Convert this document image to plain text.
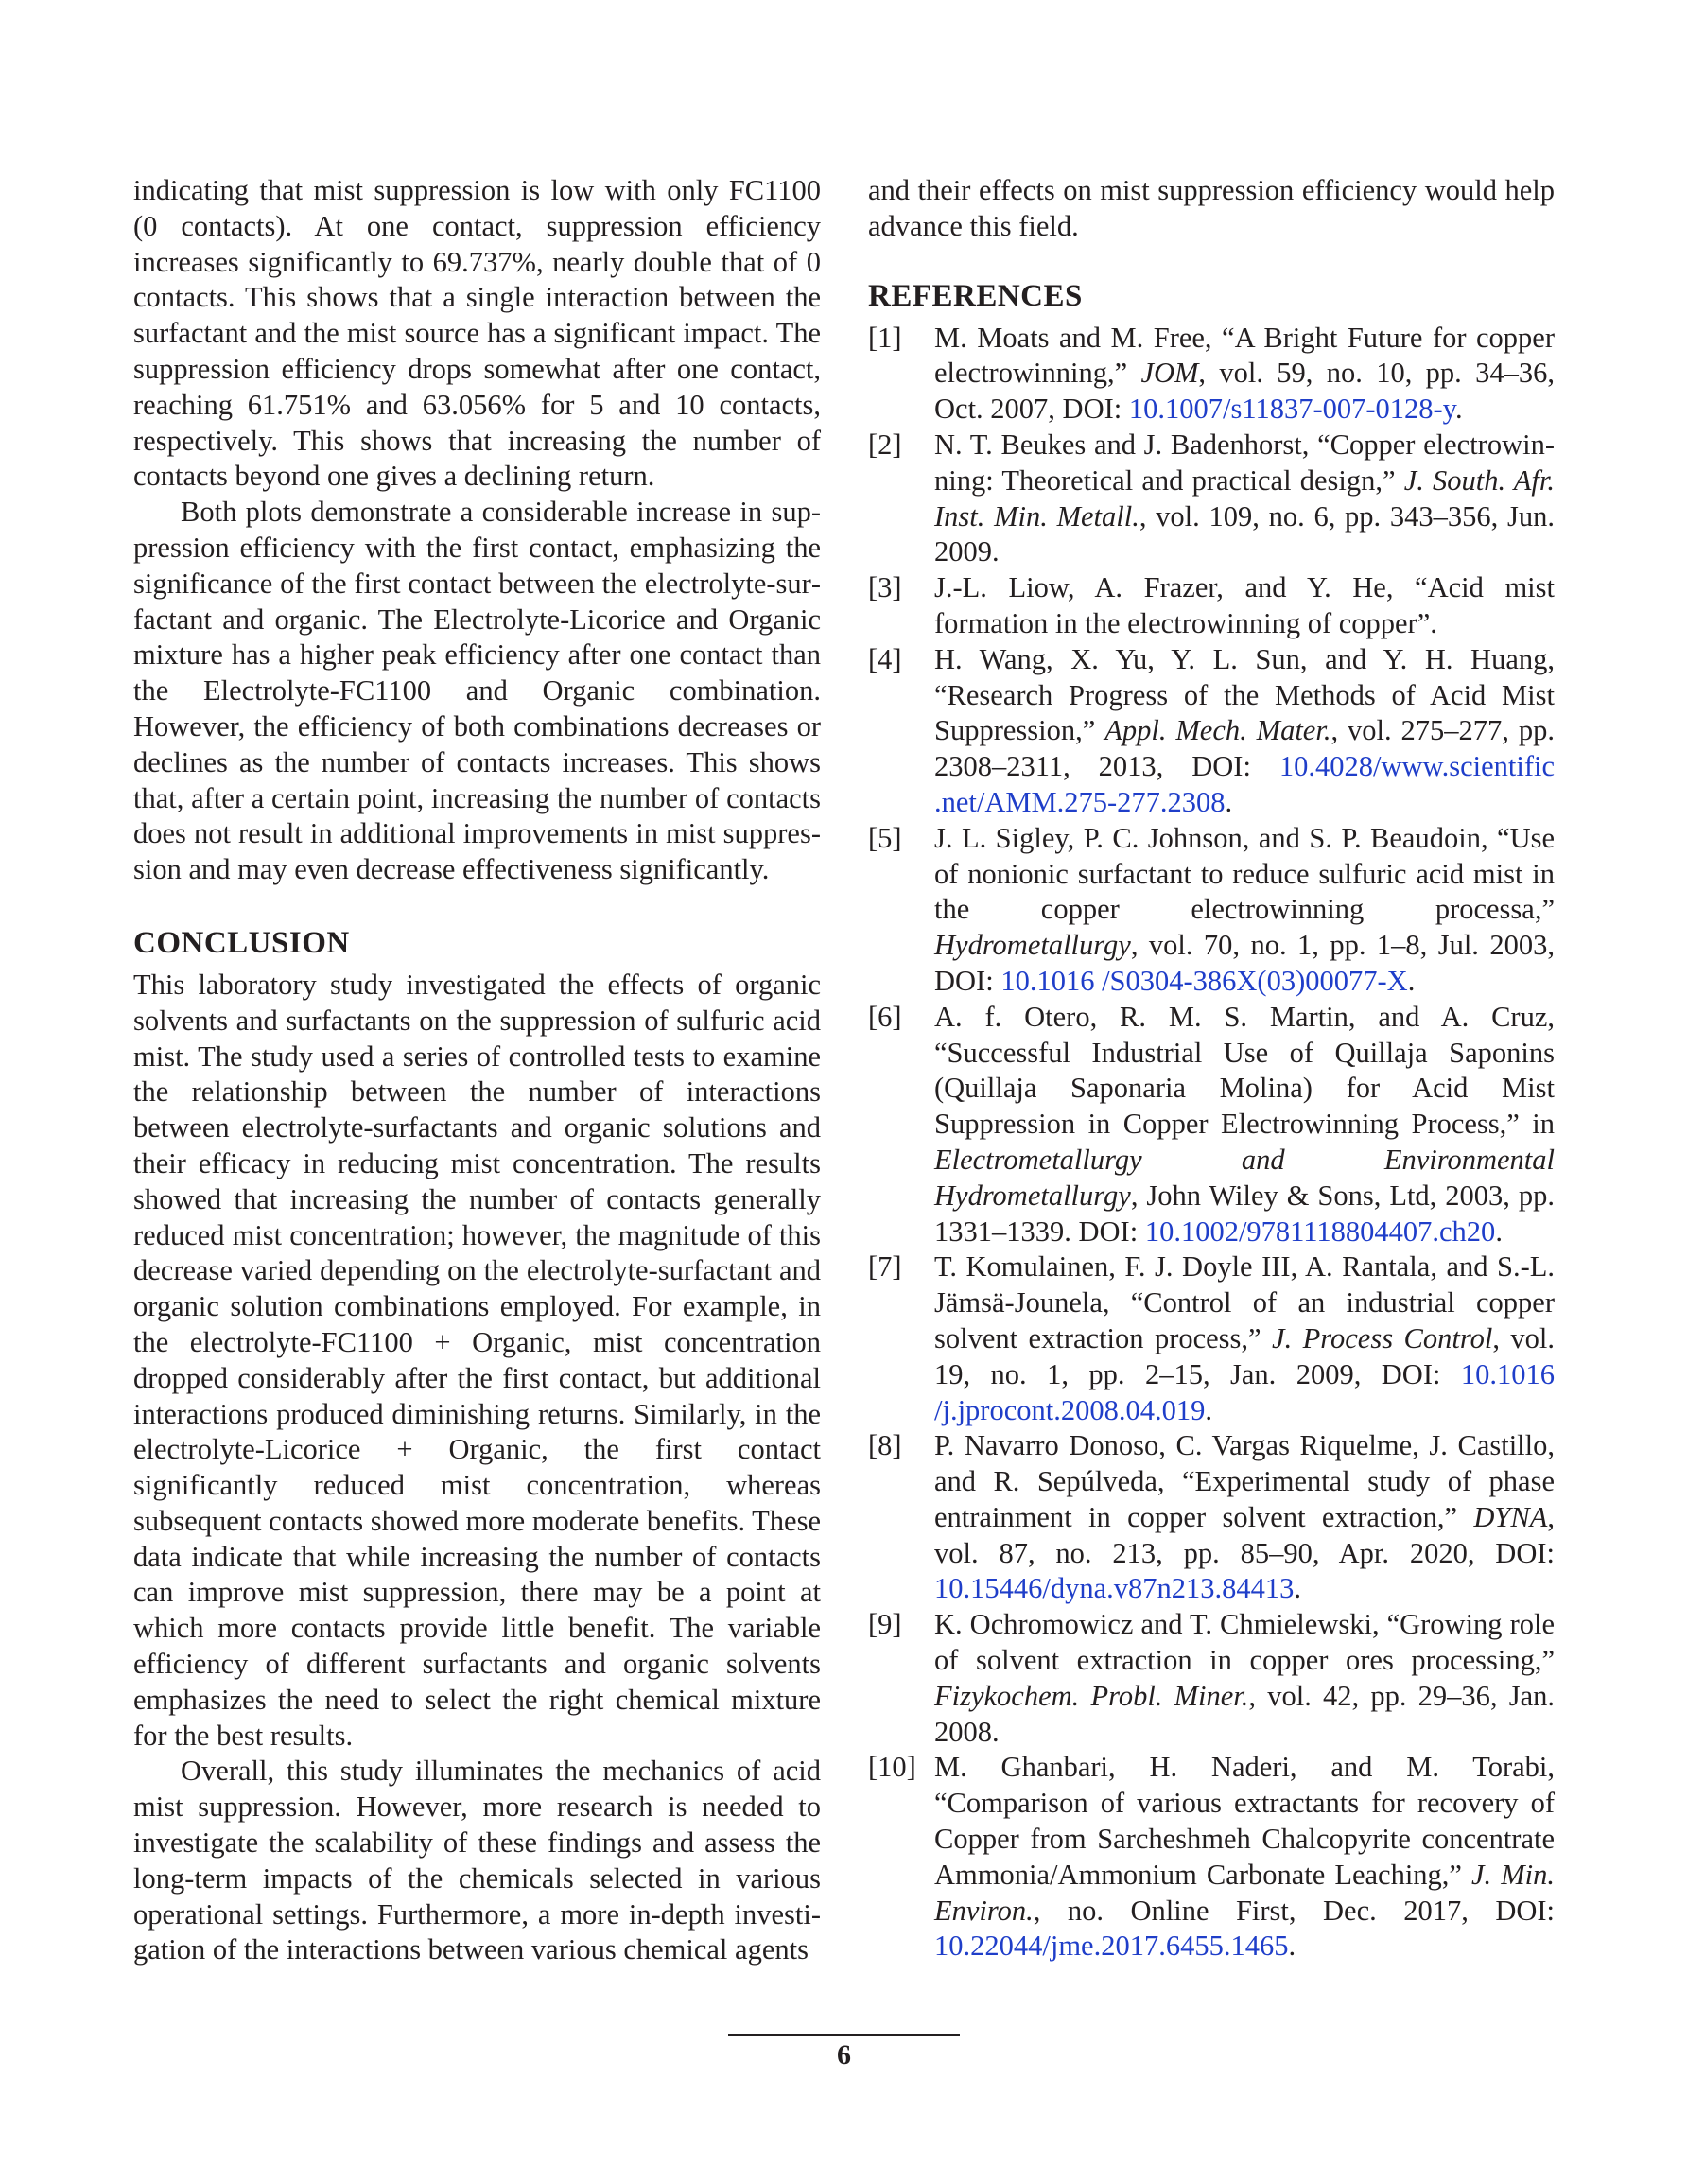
indicating that mist suppression is low with only FC1100 (0 contacts). At one contact, suppression efficiency increases significantly to 69.737%, nearly double that of 0 contacts. This shows that a single interaction between the surfactant and the mist source has a significant impact. The suppression efficiency drops somewhat after one contact, reaching 61.751% and 63.056% for 5 and 10 contacts, respectively. This shows that increasing the number of contacts beyond one gives a declining return.

Both plots demonstrate a considerable increase in suppression efficiency with the first contact, emphasizing the significance of the first contact between the electrolyte-surfactant and organic. The Electrolyte-Licorice and Organic mixture has a higher peak efficiency after one contact than the Electrolyte-FC1100 and Organic combination. However, the efficiency of both combinations decreases or declines as the number of contacts increases. This shows that, after a certain point, increasing the number of contacts does not result in additional improvements in mist suppression and may even decrease effectiveness significantly.

CONCLUSION

This laboratory study investigated the effects of organic solvents and surfactants on the suppression of sulfuric acid mist. The study used a series of controlled tests to examine the relationship between the number of interactions between electrolyte-surfactants and organic solutions and their efficacy in reducing mist concentration. The results showed that increasing the number of contacts generally reduced mist concentration; however, the magnitude of this decrease varied depending on the electrolyte-surfactant and organic solution combinations employed. For example, in the electrolyte-FC1100 + Organic, mist concentration dropped considerably after the first contact, but additional interactions produced diminishing returns. Similarly, in the electrolyte-Licorice + Organic, the first contact significantly reduced mist concentration, whereas subsequent contacts showed more moderate benefits. These data indicate that while increasing the number of contacts can improve mist suppression, there may be a point at which more contacts provide little benefit. The variable efficiency of different surfactants and organic solvents emphasizes the need to select the right chemical mixture for the best results.

Overall, this study illuminates the mechanics of acid mist suppression. However, more research is needed to investigate the scalability of these findings and assess the long-term impacts of the chemicals selected in various operational settings. Furthermore, a more in-depth investigation of the interactions between various chemical agents

and their effects on mist suppression efficiency would help advance this field.

REFERENCES

[1] M. Moats and M. Free, “A Bright Future for copper electrowinning,” JOM, vol. 59, no. 10, pp. 34–36, Oct. 2007, DOI: 10.1007/s11837-007-0128-y.

[2] N. T. Beukes and J. Badenhorst, “Copper electrowinning: Theoretical and practical design,” J. South. Afr. Inst. Min. Metall., vol. 109, no. 6, pp. 343–356, Jun. 2009.

[3] J.-L. Liow, A. Frazer, and Y. He, “Acid mist formation in the electrowinning of copper”.

[4] H. Wang, X. Yu, Y. L. Sun, and Y. H. Huang, “Research Progress of the Methods of Acid Mist Suppression,” Appl. Mech. Mater., vol. 275–277, pp. 2308–2311, 2013, DOI: 10.4028/www.scientific .net/AMM.275-277.2308.

[5] J. L. Sigley, P. C. Johnson, and S. P. Beaudoin, “Use of nonionic surfactant to reduce sulfuric acid mist in the copper electrowinning processa,” Hydrometallurgy, vol. 70, no. 1, pp. 1–8, Jul. 2003, DOI: 10.1016 /S0304-386X(03)00077-X.

[6] A. f. Otero, R. M. S. Martin, and A. Cruz, “Successful Industrial Use of Quillaja Saponins (Quillaja Saponaria Molina) for Acid Mist Suppression in Copper Electrowinning Process,” in Electrometallurgy and Environmental Hydrometallurgy, John Wiley & Sons, Ltd, 2003, pp. 1331–1339. DOI: 10.1002/9781118804407.ch20.

[7] T. Komulainen, F. J. Doyle III, A. Rantala, and S.-L. Jämsä-Jounela, “Control of an industrial copper solvent extraction process,” J. Process Control, vol. 19, no. 1, pp. 2–15, Jan. 2009, DOI: 10.1016 /j.jprocont.2008.04.019.

[8] P. Navarro Donoso, C. Vargas Riquelme, J. Castillo, and R. Sepúlveda, “Experimental study of phase entrainment in copper solvent extraction,” DYNA, vol. 87, no. 213, pp. 85–90, Apr. 2020, DOI: 10.15446/dyna.v87n213.84413.

[9] K. Ochromowicz and T. Chmielewski, “Growing role of solvent extraction in copper ores processing,” Fizykochem. Probl. Miner., vol. 42, pp. 29–36, Jan. 2008.

[10] M. Ghanbari, H. Naderi, and M. Torabi, “Comparison of various extractants for recovery of Copper from Sarcheshmeh Chalcopyrite concentrate Ammonia/Ammonium Carbonate Leaching,” J. Min. Environ., no. Online First, Dec. 2017, DOI: 10.22044/jme.2017.6455.1465.

6
